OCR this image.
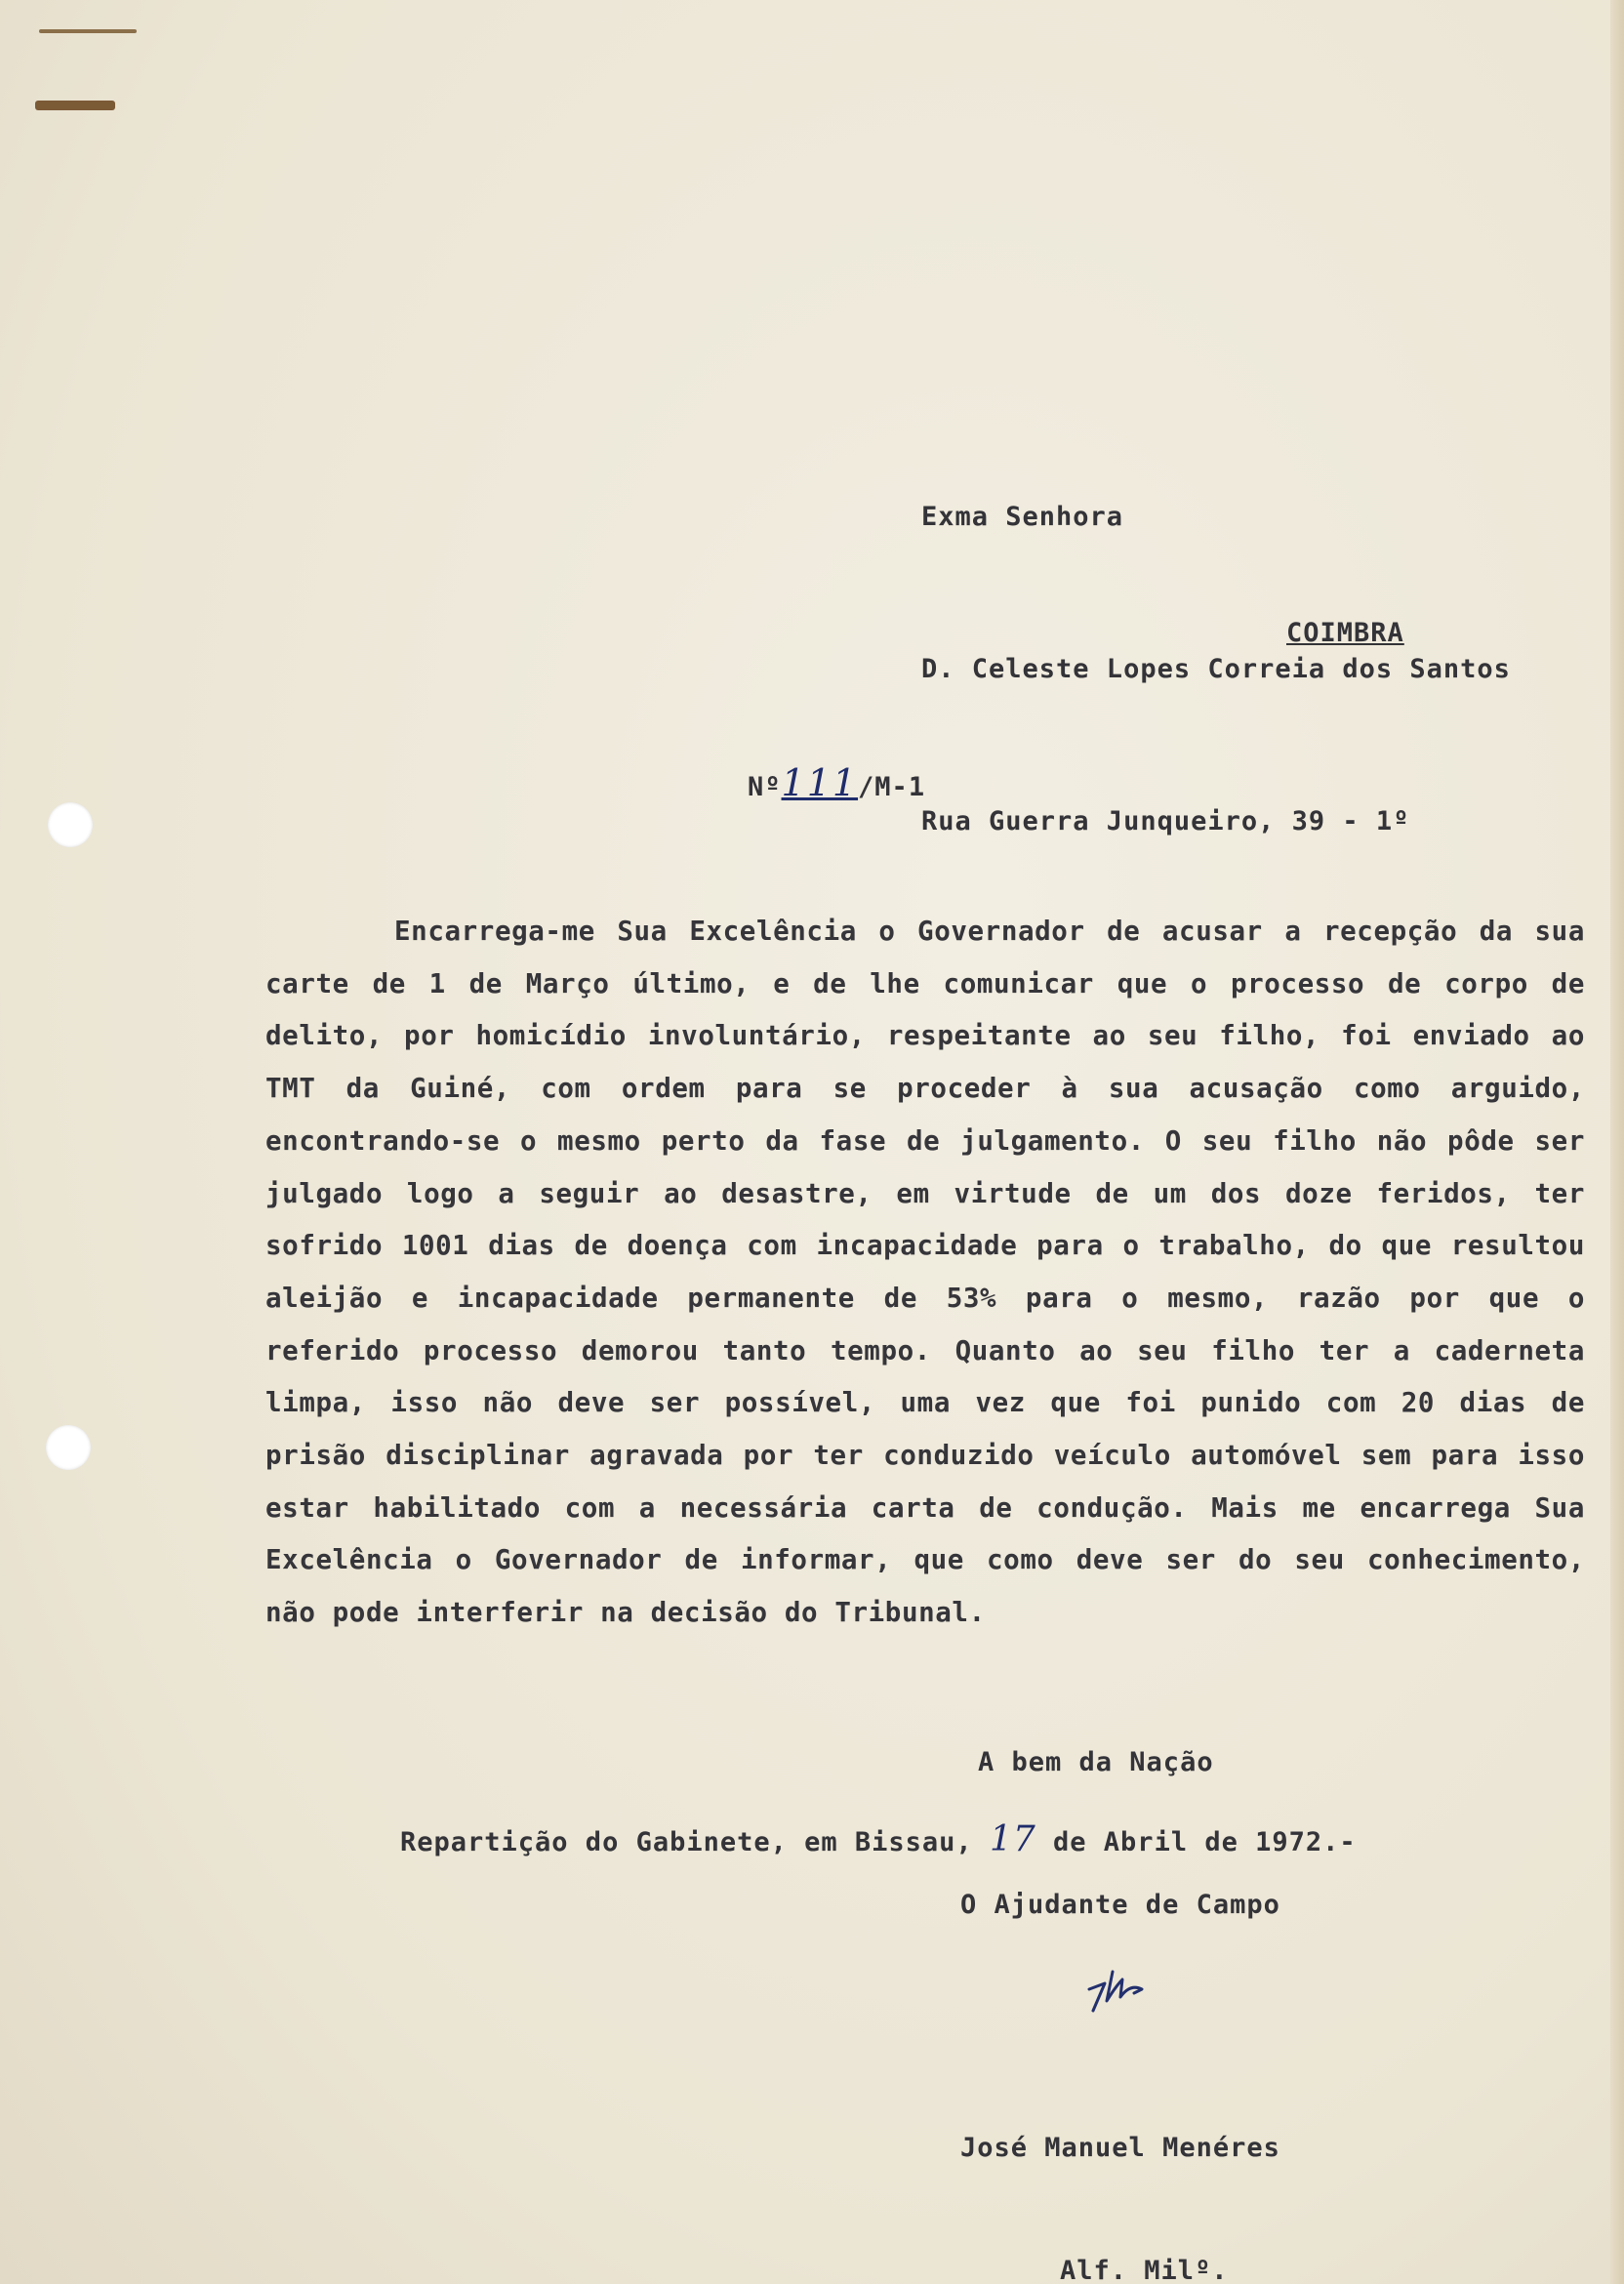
Exma Senhora

D. Celeste Lopes Correia dos Santos

Rua Guerra Junqueiro, 39 - 1º

COIMBRA
Nº111/M-1
Encarrega-me Sua Excelência o Governador de acusar a recepção da sua carte de 1 de Março último, e de lhe comunicar que o processo de corpo de delito, por homicídio involuntário, respeitante ao seu filho, foi enviado ao TMT da Guiné, com ordem para se proceder à sua acusação como arguido, encontrando-se o mesmo perto da fase de julgamento. O seu filho não pôde ser julgado logo a seguir ao desastre, em virtude de um dos doze feridos, ter sofrido 1001 dias de doença com incapacidade para o trabalho, do que resultou aleijão e incapacidade permanente de 53% para o mesmo, razão por que o referido processo demorou tanto tempo. Quanto ao seu filho ter a caderneta limpa, isso não deve ser possível, uma vez que foi punido com 20 dias de prisão disciplinar agravada por ter conduzido veículo automóvel sem para isso estar habilitado com a necessária carta de condução. Mais me encarrega Sua Excelência o Governador de informar, que como deve ser do seu conhecimento, não pode interferir na decisão do Tribunal.
A bem da Nação
Repartição do Gabinete, em Bissau, 17 de Abril de 1972.-
O Ajudante de Campo

José Manuel Menéres

Alf. Milº.
